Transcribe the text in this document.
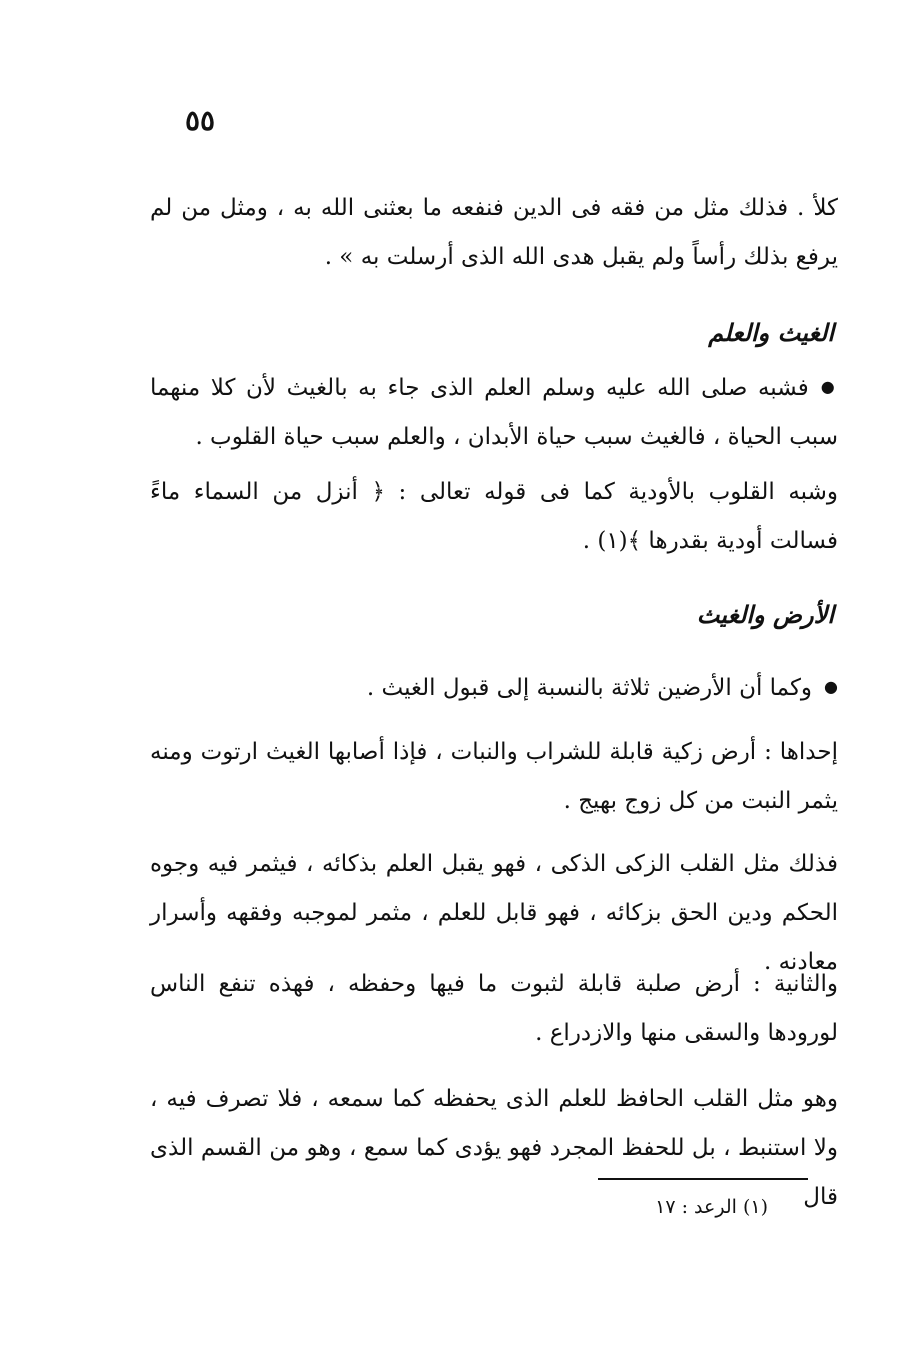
٥٥
كلأ . فذلك مثل من فقه فى الدين فنفعه ما بعثنى الله به ، ومثل من لم يرفع بذلك رأساً ولم يقبل هدى الله الذى أرسلت به » .
الغيث والعلم
● فشبه صلى الله عليه وسلم العلم الذى جاء به بالغيث لأن كلا منهما سبب الحياة ، فالغيث سبب حياة الأبدان ، والعلم سبب حياة القلوب .
وشبه القلوب بالأودية كما فى قوله تعالى : ﴿ أنزل من السماء ماءً فسالت أودية بقدرها ﴾(١) .
الأرض والغيث
● وكما أن الأرضين ثلاثة بالنسبة إلى قبول الغيث .
إحداها : أرض زكية قابلة للشراب والنبات ، فإذا أصابها الغيث ارتوت ومنه يثمر النبت من كل زوج بهيج .
فذلك مثل القلب الزكى الذكى ، فهو يقبل العلم بذكائه ، فيثمر فيه وجوه الحكم ودين الحق بزكائه ، فهو قابل للعلم ، مثمر لموجبه وفقهه وأسرار معادنه .
والثانية : أرض صلبة قابلة لثبوت ما فيها وحفظه ، فهذه تنفع الناس لورودها والسقى منها والازدراع .
وهو مثل القلب الحافظ للعلم الذى يحفظه كما سمعه ، فلا تصرف فيه ، ولا استنبط ، بل للحفظ المجرد فهو يؤدى كما سمع ، وهو من القسم الذى قال
(١) الرعد : ١٧
